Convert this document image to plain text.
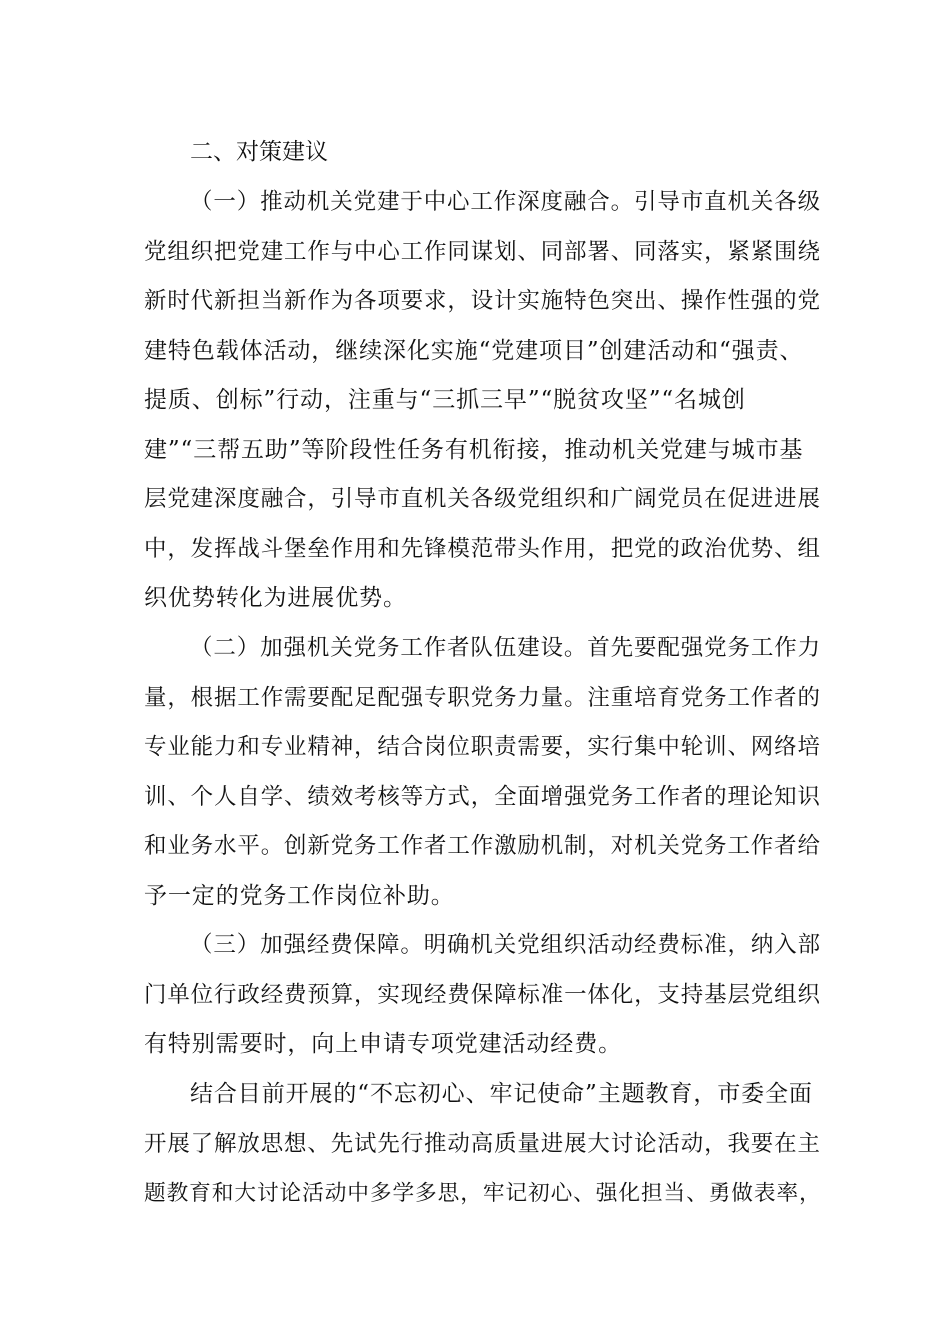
二、对策建议
（一）推动机关党建于中心工作深度融合。引导市直机关各级
党组织把党建工作与中心工作同谋划、同部署、同落实，紧紧围绕
新时代新担当新作为各项要求，设计实施特色突出、操作性强的党
建特色载体活动，继续深化实施“党建项目”创建活动和“强责、
提质、创标”行动，注重与“三抓三早”“脱贫攻坚”“名城创
建”“三帮五助”等阶段性任务有机衔接，推动机关党建与城市基
层党建深度融合，引导市直机关各级党组织和广阔党员在促进进展
中，发挥战斗堡垒作用和先锋模范带头作用，把党的政治优势、组
织优势转化为进展优势。
（二）加强机关党务工作者队伍建设。首先要配强党务工作力
量，根据工作需要配足配强专职党务力量。注重培育党务工作者的
专业能力和专业精神，结合岗位职责需要，实行集中轮训、网络培
训、个人自学、绩效考核等方式，全面增强党务工作者的理论知识
和业务水平。创新党务工作者工作激励机制，对机关党务工作者给
予一定的党务工作岗位补助。
（三）加强经费保障。明确机关党组织活动经费标准，纳入部
门单位行政经费预算，实现经费保障标准一体化，支持基层党组织
有特别需要时，向上申请专项党建活动经费。
结合目前开展的“不忘初心、牢记使命”主题教育，市委全面
开展了解放思想、先试先行推动高质量进展大讨论活动，我要在主
题教育和大讨论活动中多学多思，牢记初心、强化担当、勇做表率，
